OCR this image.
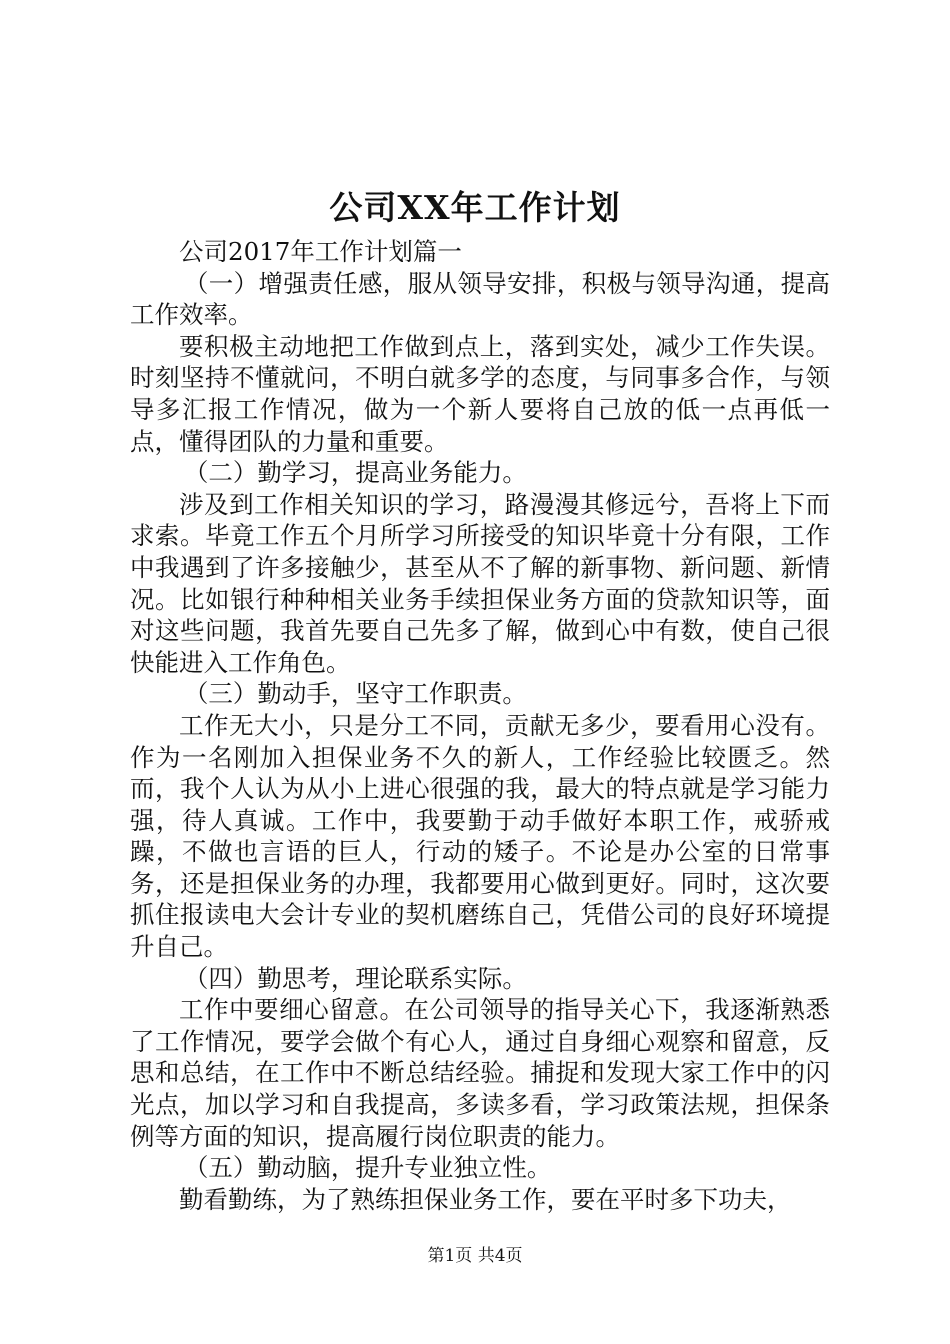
公司XX年工作计划

公司2017年工作计划篇一

（一）增强责任感，服从领导安排，积极与领导沟通，提高工作效率。

要积极主动地把工作做到点上，落到实处，减少工作失误。时刻坚持不懂就问，不明白就多学的态度，与同事多合作，与领导多汇报工作情况，做为一个新人要将自己放的低一点再低一点，懂得团队的力量和重要。

（二）勤学习，提高业务能力。

涉及到工作相关知识的学习，路漫漫其修远兮，吾将上下而求索。毕竟工作五个月所学习所接受的知识毕竟十分有限，工作中我遇到了许多接触少，甚至从不了解的新事物、新问题、新情况。比如银行种种相关业务手续担保业务方面的贷款知识等，面对这些问题，我首先要自己先多了解，做到心中有数，使自己很快能进入工作角色。

（三）勤动手，坚守工作职责。

工作无大小，只是分工不同，贡献无多少，要看用心没有。作为一名刚加入担保业务不久的新人，工作经验比较匮乏。然而，我个人认为从小上进心很强的我，最大的特点就是学习能力强，待人真诚。工作中，我要勤于动手做好本职工作，戒骄戒躁，不做也言语的巨人，行动的矮子。不论是办公室的日常事务，还是担保业务的办理，我都要用心做到更好。同时，这次要抓住报读电大会计专业的契机磨练自己，凭借公司的良好环境提升自己。

（四）勤思考，理论联系实际。

工作中要细心留意。在公司领导的指导关心下，我逐渐熟悉了工作情况，要学会做个有心人，通过自身细心观察和留意，反思和总结，在工作中不断总结经验。捕捉和发现大家工作中的闪光点，加以学习和自我提高，多读多看，学习政策法规，担保条例等方面的知识，提高履行岗位职责的能力。

（五）勤动脑，提升专业独立性。

勤看勤练，为了熟练担保业务工作，要在平时多下功夫，

第1页 共4页
